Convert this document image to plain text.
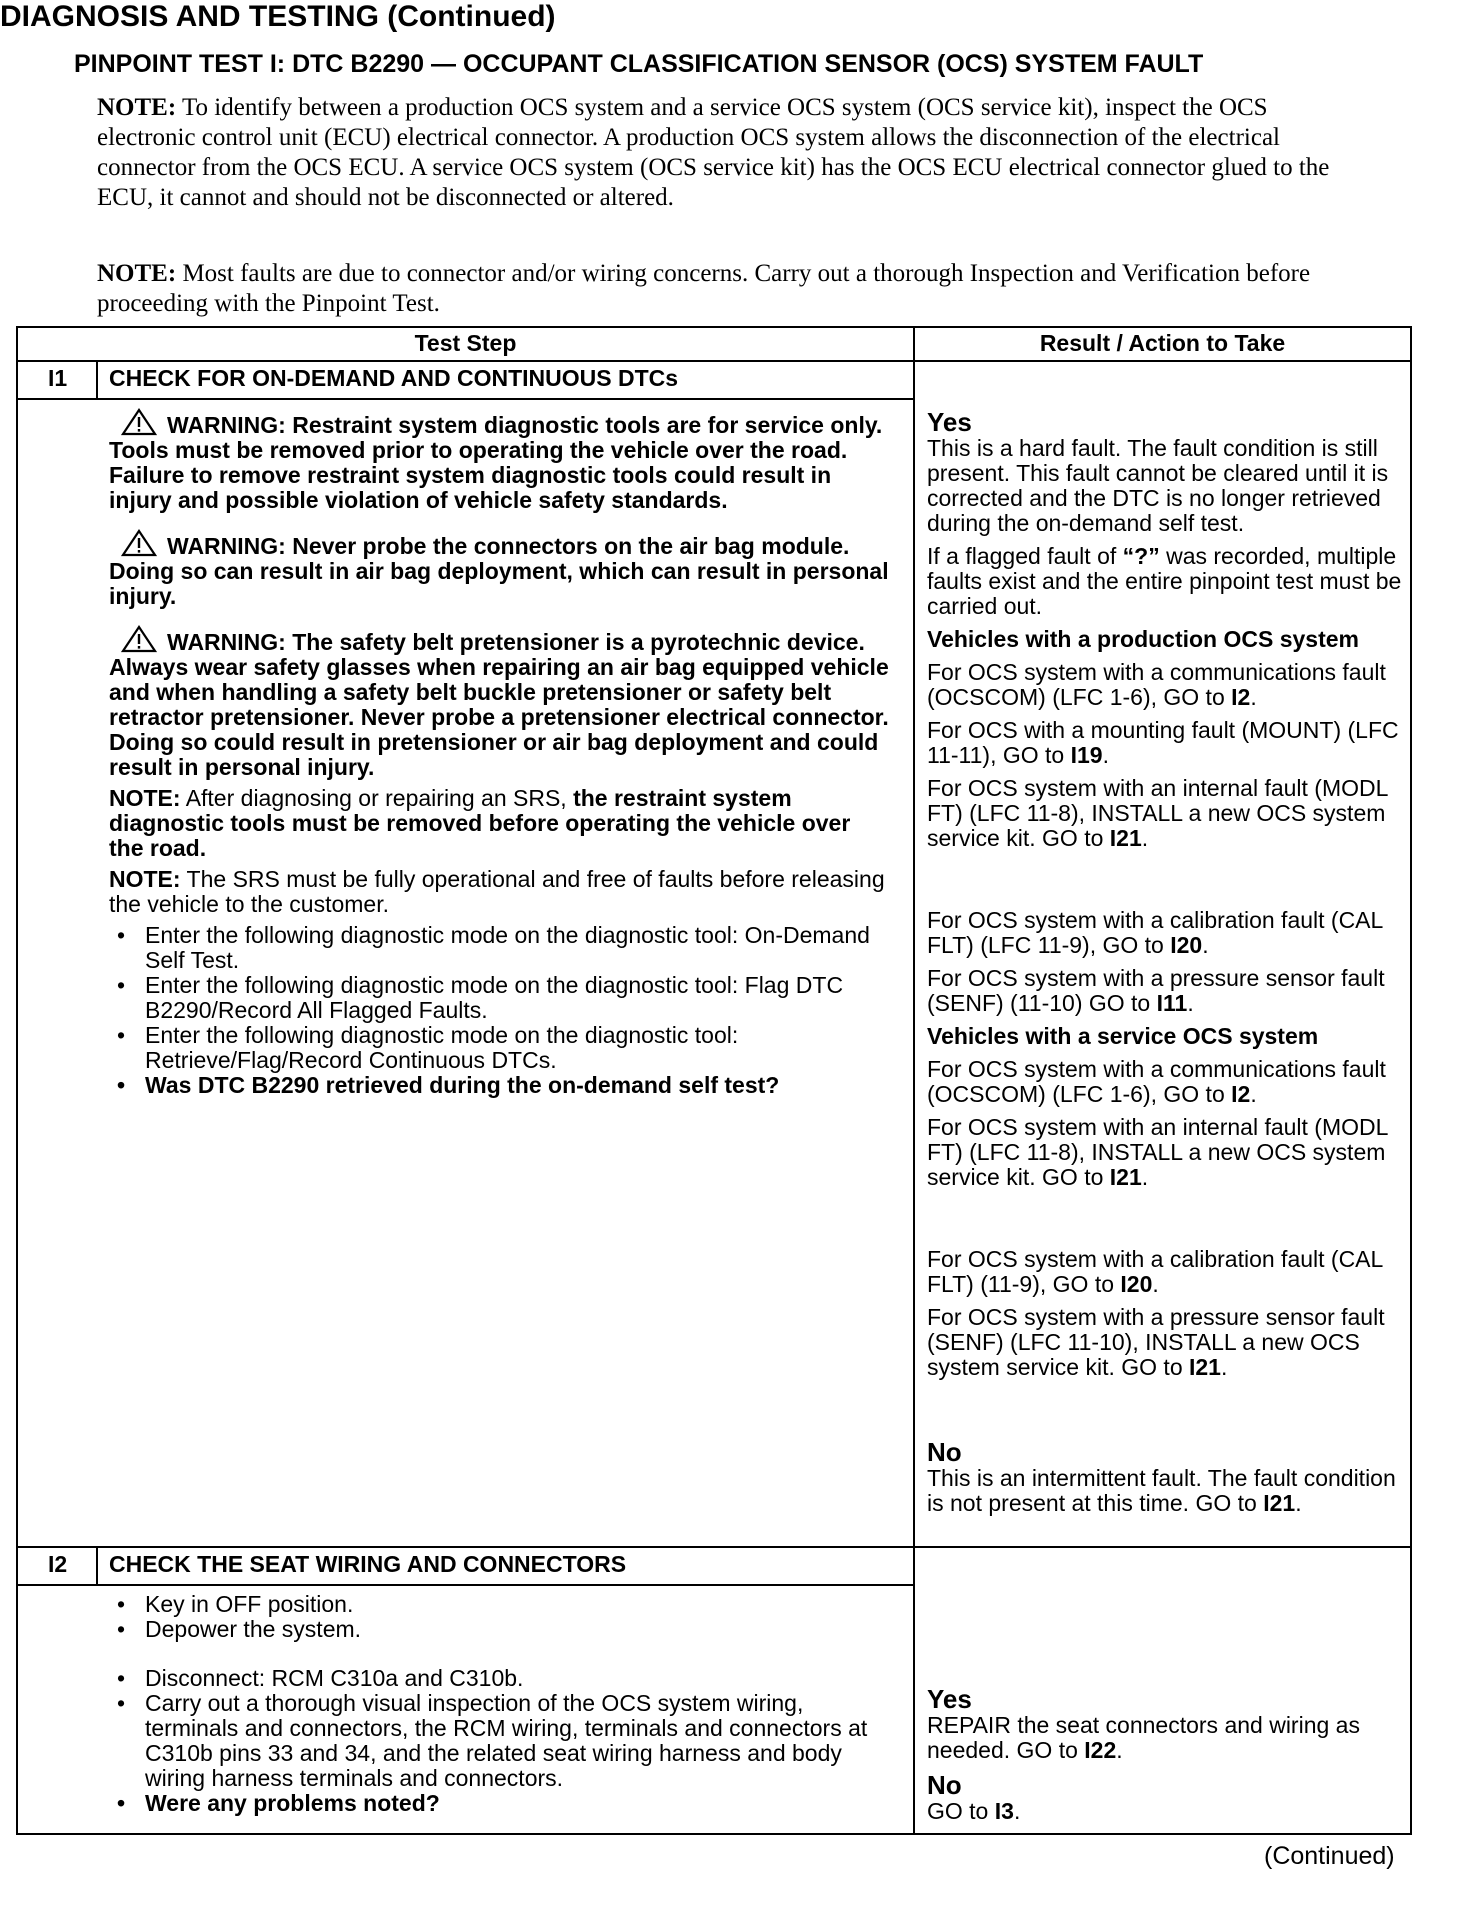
DIAGNOSIS AND TESTING (Continued)
PINPOINT TEST I: DTC B2290 — OCCUPANT CLASSIFICATION SENSOR (OCS) SYSTEM FAULT
NOTE: To identify between a production OCS system and a service OCS system (OCS service kit), inspect the OCS electronic control unit (ECU) electrical connector. A production OCS system allows the disconnection of the electrical connector from the OCS ECU. A service OCS system (OCS service kit) has the OCS ECU electrical connector glued to the ECU, it cannot and should not be disconnected or altered.
NOTE: Most faults are due to connector and/or wiring concerns. Carry out a thorough Inspection and Verification before proceeding with the Pinpoint Test.
Test Step	Result / Action to Take
I1 CHECK FOR ON-DEMAND AND CONTINUOUS DTCs

WARNING: Restraint system diagnostic tools are for service only. Tools must be removed prior to operating the vehicle over the road. Failure to remove restraint system diagnostic tools could result in injury and possible violation of vehicle safety standards.

WARNING: Never probe the connectors on the air bag module. Doing so can result in air bag deployment, which can result in personal injury.

WARNING: The safety belt pretensioner is a pyrotechnic device. Always wear safety glasses when repairing an air bag equipped vehicle and when handling a safety belt buckle pretensioner or safety belt retractor pretensioner. Never probe a pretensioner electrical connector. Doing so could result in pretensioner or air bag deployment and could result in personal injury.

NOTE: After diagnosing or repairing an SRS, the restraint system diagnostic tools must be removed before operating the vehicle over the road.

NOTE: The SRS must be fully operational and free of faults before releasing the vehicle to the customer.

• Enter the following diagnostic mode on the diagnostic tool: On-Demand Self Test.
• Enter the following diagnostic mode on the diagnostic tool: Flag DTC B2290/Record All Flagged Faults.
• Enter the following diagnostic mode on the diagnostic tool: Retrieve/Flag/Record Continuous DTCs.
• Was DTC B2290 retrieved during the on-demand self test?
Yes

This is a hard fault. The fault condition is still present. This fault cannot be cleared until it is corrected and the DTC is no longer retrieved during the on-demand self test.

If a flagged fault of “?” was recorded, multiple faults exist and the entire pinpoint test must be carried out.

Vehicles with a production OCS system

For OCS system with a communications fault (OCSCOM) (LFC 1-6), GO to I2.

For OCS with a mounting fault (MOUNT) (LFC 11-11), GO to I19.

For OCS system with an internal fault (MODL FT) (LFC 11-8), INSTALL a new OCS system service kit. GO to I21.

For OCS system with a calibration fault (CAL FLT) (LFC 11-9), GO to I20.

For OCS system with a pressure sensor fault (SENF) (11-10) GO to I11.

Vehicles with a service OCS system

For OCS system with a communications fault (OCSCOM) (LFC 1-6), GO to I2.

For OCS system with an internal fault (MODL FT) (LFC 11-8), INSTALL a new OCS system service kit. GO to I21.

For OCS system with a calibration fault (CAL FLT) (11-9), GO to I20.

For OCS system with a pressure sensor fault (SENF) (LFC 11-10), INSTALL a new OCS system service kit. GO to I21.

No

This is an intermittent fault. The fault condition is not present at this time. GO to I21.

I2 CHECK THE SEAT WIRING AND CONNECTORS
• Key in OFF position.
• Depower the system.
• Disconnect: RCM C310a and C310b.
• Carry out a thorough visual inspection of the OCS system wiring, terminals and connectors, the RCM wiring, terminals and connectors at C310b pins 33 and 34, and the related seat wiring harness and body wiring harness terminals and connectors.
• Were any problems noted?
Yes

REPAIR the seat connectors and wiring as needed. GO to I22.

No

GO to I3.

(Continued)
